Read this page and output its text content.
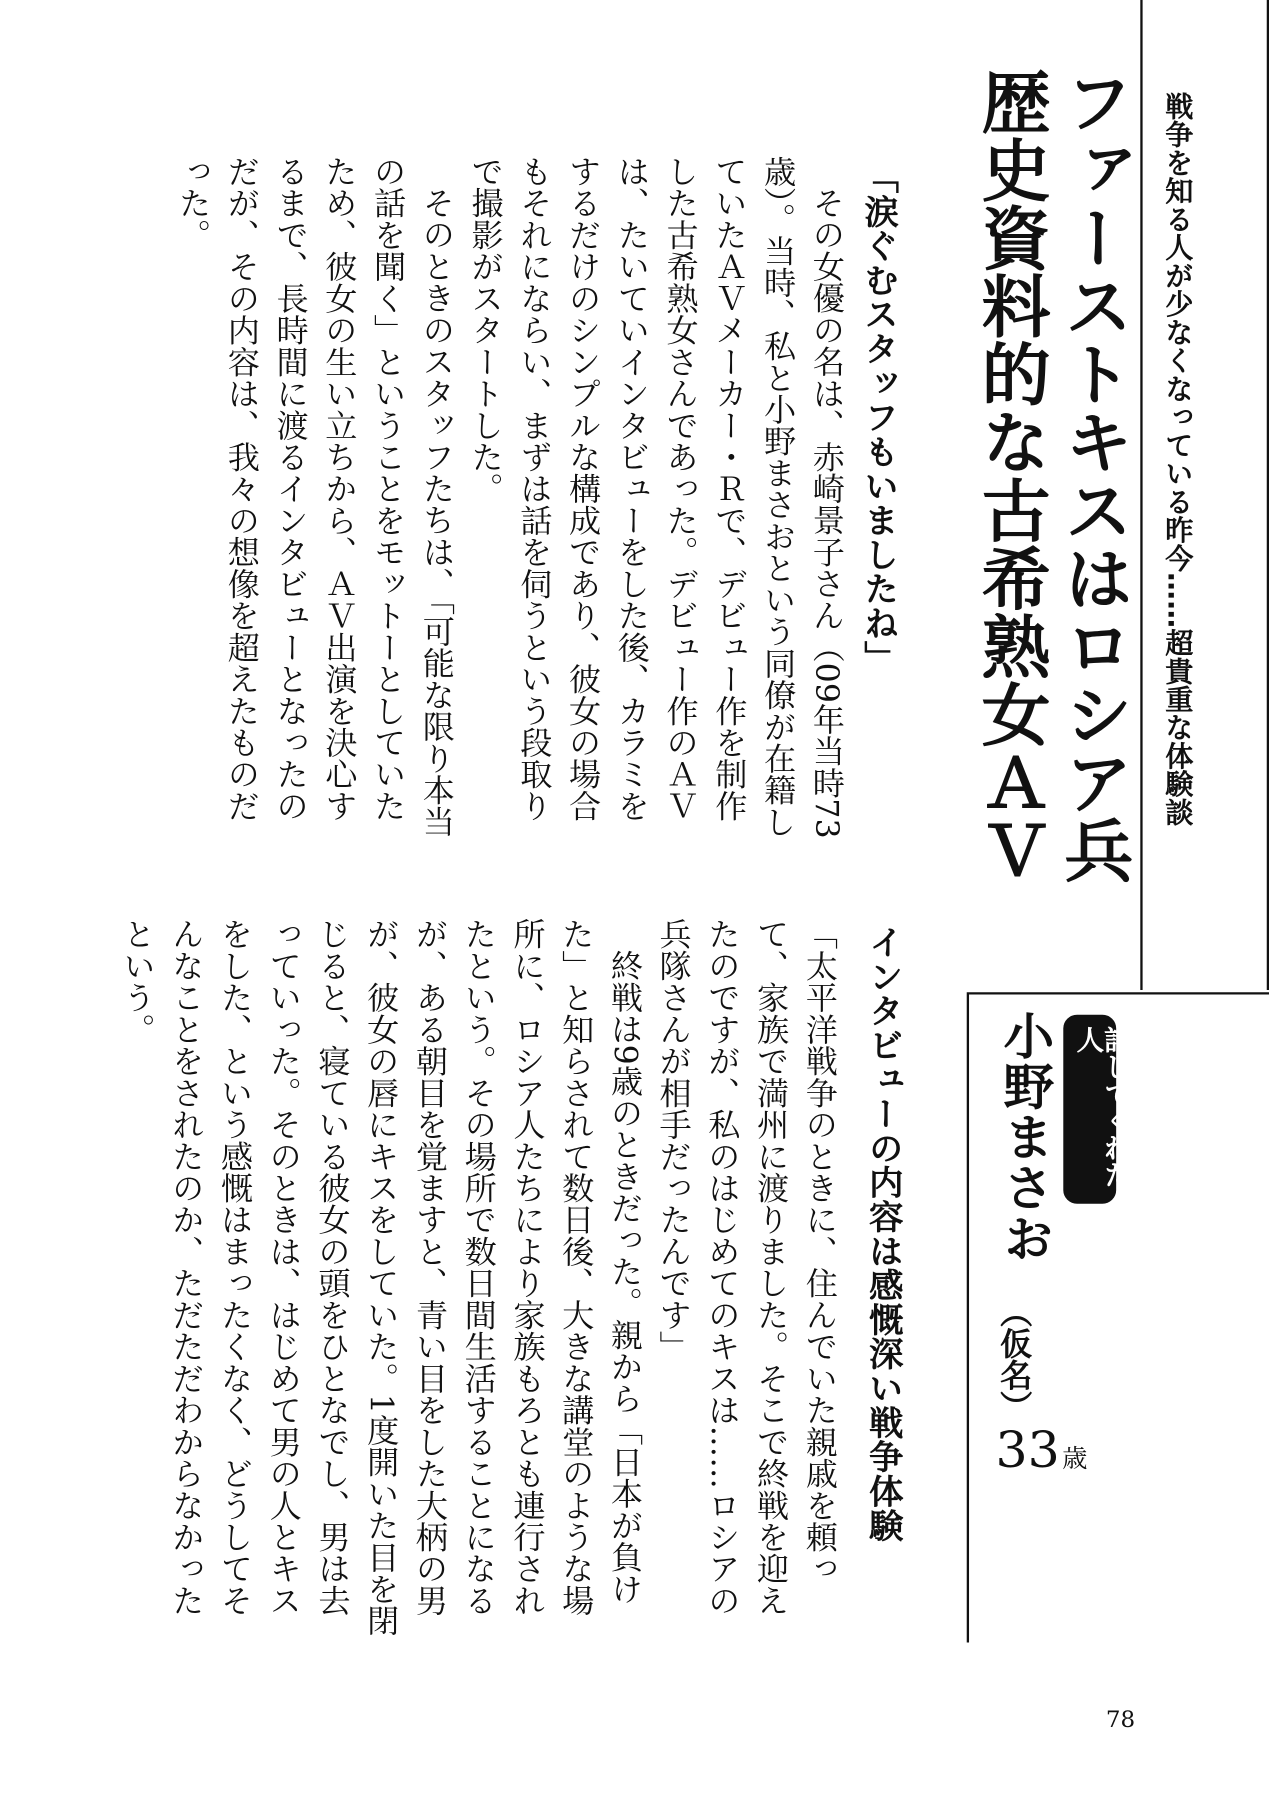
戦争を知る人が少なくなっている昨今……超貴重な体験談
ファーストキスはロシア兵歴史資料的な古希熟女ＡＶ
話してくれた人
小野まさお
（仮名）
33 歳
「涙ぐむスタッフもいましたね」

その女優の名は、赤崎景子さん（09年当時73歳）。当時、私と小野まさおという同僚が在籍していたＡＶメーカー・Ｒで、デビュー作を制作した古希熟女さんであった。デビュー作のＡＶは、たいていインタビューをした後、カラミをするだけのシンプルな構成であり、彼女の場合もそれにならい、まずは話を伺うという段取りで撮影がスタートした。

そのときのスタッフたちは、「可能な限り本当の話を聞く」ということをモットーとしていたため、彼女の生い立ちから、ＡＶ出演を決心するまで、長時間に渡るインタビューとなったのだが、その内容は、我々の想像を超えたものだった。

インタビューの内容は感慨深い戦争体験

「太平洋戦争のときに、住んでいた親戚を頼って、家族で満州に渡りました。そこで終戦を迎えたのですが、私のはじめてのキスは……ロシアの兵隊さんが相手だったんです」

終戦は9歳のときだった。親から「日本が負けた」と知らされて数日後、大きな講堂のような場所に、ロシア人たちにより家族もろとも連行されたという。その場所で数日間生活することになるが、ある朝目を覚ますと、青い目をした大柄の男が、彼女の唇にキスをしていた。1度開いた目を閉じると、寝ている彼女の頭をひとなでし、男は去っていった。そのときは、はじめて男の人とキスをした、という感慨はまったくなく、どうしてそんなことをされたのか、ただただわからなかったという。

78
